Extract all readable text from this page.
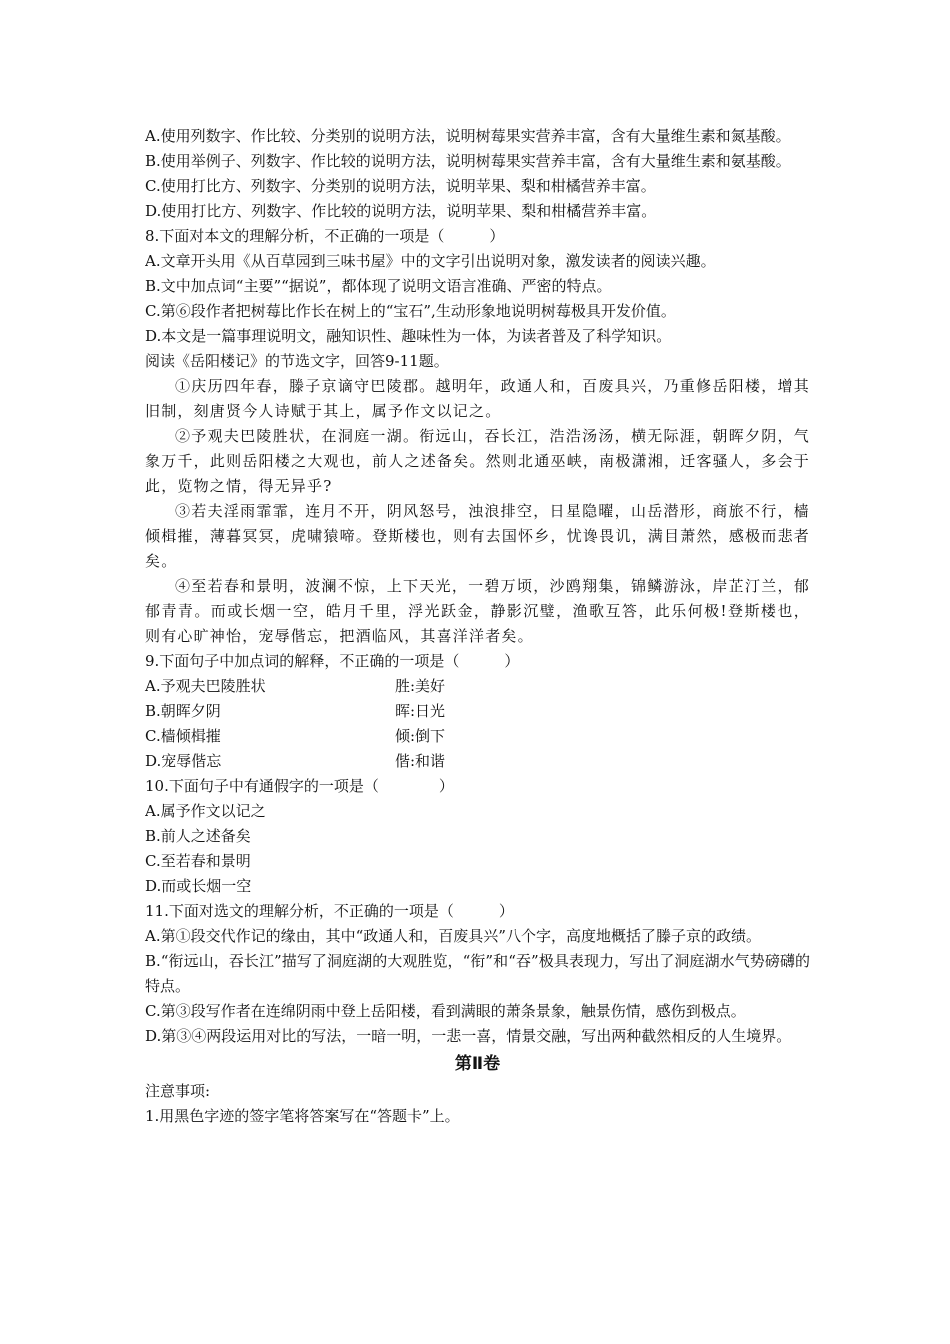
A.使用列数字、作比较、分类别的说明方法，说明树莓果实营养丰富，含有大量维生素和氮基酸。
B.使用举例子、列数字、作比较的说明方法，说明树莓果实营养丰富，含有大量维生素和氨基酸。
C.使用打比方、列数字、分类别的说明方法，说明苹果、梨和柑橘营养丰富。
D.使用打比方、列数字、作比较的说明方法，说明苹果、梨和柑橘营养丰富。
8.下面对本文的理解分析，不正确的一项是（　　　）
A.文章开头用《从百草园到三味书屋》中的文字引出说明对象，激发读者的阅读兴趣。
B.文中加点词“主要”“据说”，都体现了说明文语言准确、严密的特点。
C.第⑥段作者把树莓比作长在树上的“宝石”,生动形象地说明树莓极具开发价值。
D.本文是一篇事理说明文，融知识性、趣味性为一体，为读者普及了科学知识。
阅读《岳阳楼记》的节选文字，回答9-11题。
①庆历四年春，滕子京谪守巴陵郡。越明年，政通人和，百废具兴，乃重修岳阳楼，增其旧制，刻唐贤今人诗赋于其上，属予作文以记之。
②予观夫巴陵胜状，在洞庭一湖。衔远山，吞长江，浩浩汤汤，横无际涯，朝晖夕阴，气象万千，此则岳阳楼之大观也，前人之述备矣。然则北通巫峡，南极潇湘，迁客骚人，多会于此，览物之情，得无异乎?
③若夫淫雨霏霏，连月不开，阴风怒号，浊浪排空，日星隐曜，山岳潜形，商旅不行，樯倾楫摧，薄暮冥冥，虎啸猿啼。登斯楼也，则有去国怀乡，忧谗畏讥，满目萧然，感极而悲者矣。
④至若春和景明，波澜不惊，上下天光，一碧万顷，沙鸥翔集，锦鳞游泳，岸芷汀兰，郁郁青青。而或长烟一空，皓月千里，浮光跃金，静影沉璧，渔歌互答，此乐何极!登斯楼也，则有心旷神怡，宠辱偕忘，把酒临风，其喜洋洋者矣。
9.下面句子中加点词的解释，不正确的一项是（　　　）
A.予观夫巴陵胜状	胜:美好
B.朝晖夕阴	晖:日光
C.樯倾楫摧	倾:倒下
D.宠辱偕忘	偕:和谐
10.下面句子中有通假字的一项是（　　　　）
A.属予作文以记之
B.前人之述备矣
C.至若春和景明
D.而或长烟一空
11.下面对选文的理解分析，不正确的一项是（　　　）
A.第①段交代作记的缘由，其中“政通人和，百废具兴”八个字，高度地概括了滕子京的政绩。
B.“衔远山，吞长江”描写了洞庭湖的大观胜览，“衔”和“吞”极具表现力，写出了洞庭湖水气势磅礴的特点。
C.第③段写作者在连绵阴雨中登上岳阳楼，看到满眼的萧条景象，触景伤情，感伤到极点。
D.第③④两段运用对比的写法，一暗一明，一悲一喜，情景交融，写出两种截然相反的人生境界。
第Ⅱ卷
注意事项:
1.用黑色字迹的签字笔将答案写在“答题卡”上。
